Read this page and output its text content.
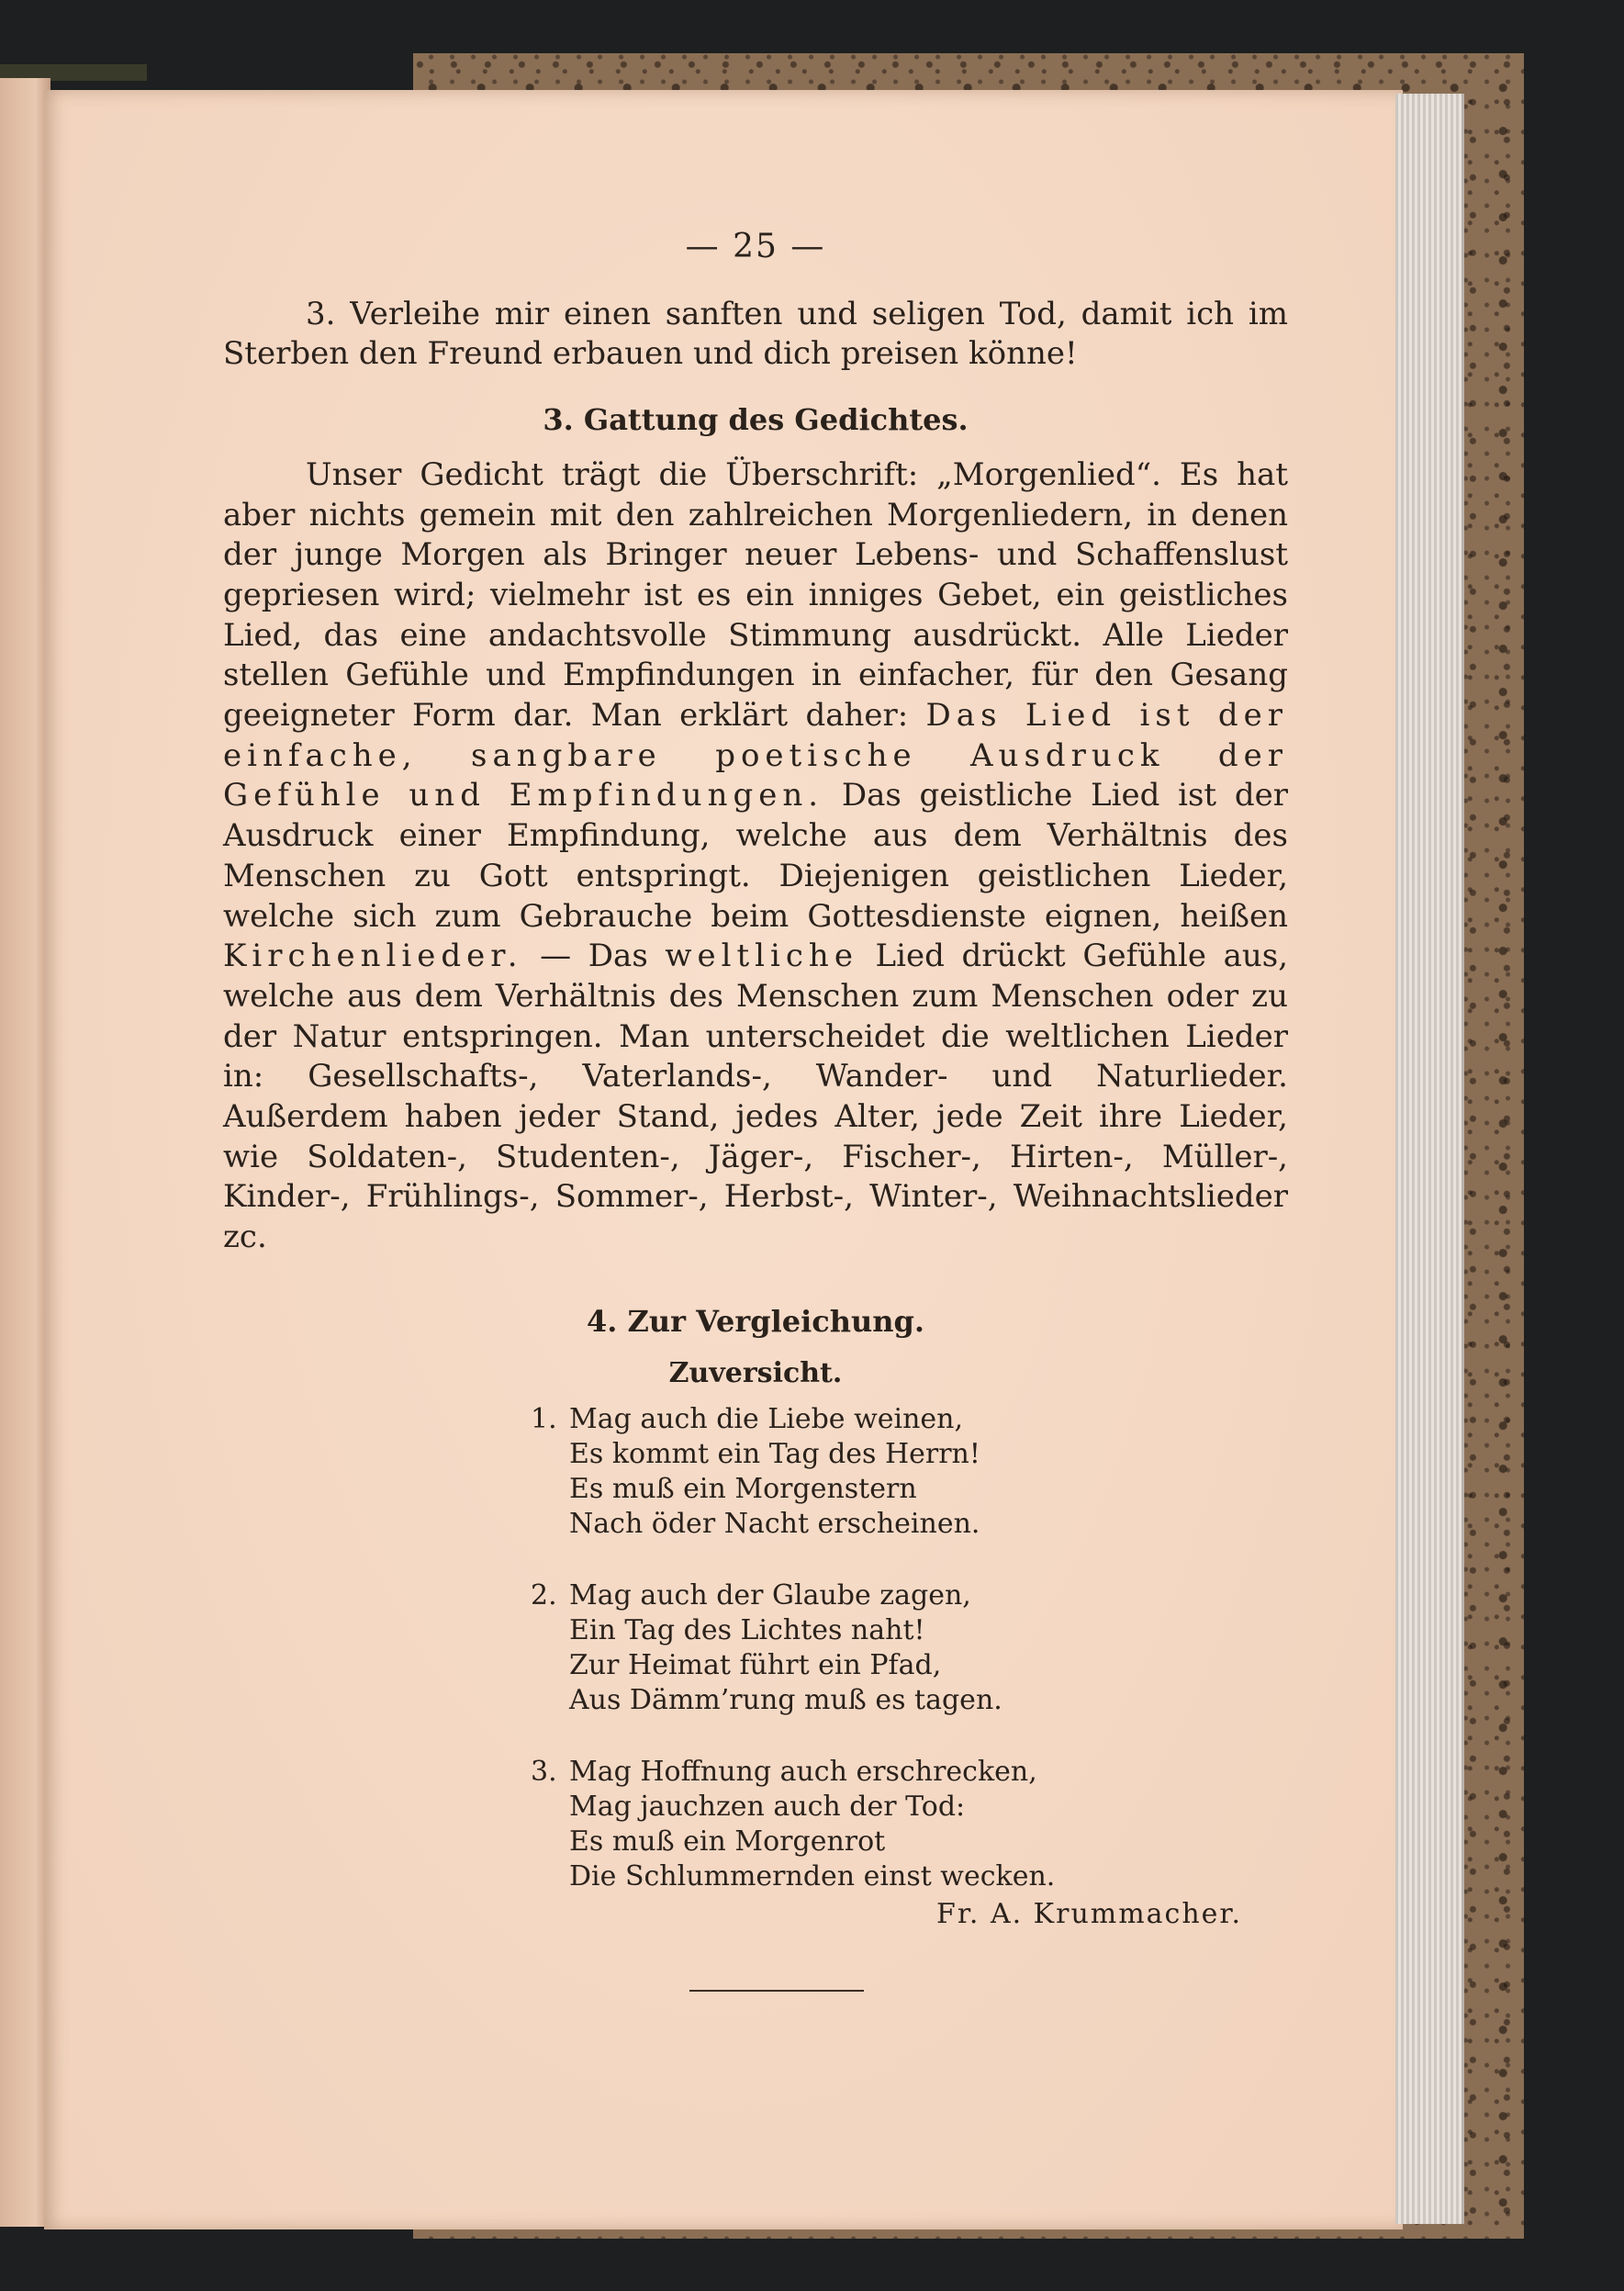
— 25 —

3. Verleihe mir einen sanften und seligen Tod, damit ich im Sterben den Freund erbauen und dich preisen könne!

3. Gattung des Gedichtes.

Unser Gedicht trägt die Überschrift: „Morgenlied“. Es hat aber nichts gemein mit den zahlreichen Morgenliedern, in denen der junge Morgen als Bringer neuer Lebens- und Schaffenslust gepriesen wird; vielmehr ist es ein inniges Gebet, ein geistliches Lied, das eine andachtsvolle Stimmung ausdrückt. Alle Lieder stellen Gefühle und Empfindungen in einfacher, für den Gesang geeigneter Form dar. Man erklärt daher: Das Lied ist der einfache, sangbare poetische Ausdruck der Gefühle und Empfindungen. Das geistliche Lied ist der Ausdruck einer Empfindung, welche aus dem Verhältnis des Menschen zu Gott entspringt. Diejenigen geistlichen Lieder, welche sich zum Gebrauche beim Gottesdienste eignen, heißen Kirchenlieder. — Das weltliche Lied drückt Gefühle aus, welche aus dem Verhältnis des Menschen zum Menschen oder zu der Natur entspringen. Man unterscheidet die weltlichen Lieder in: Gesellschafts-, Vaterlands-, Wander- und Naturlieder. Außerdem haben jeder Stand, jedes Alter, jede Zeit ihre Lieder, wie Soldaten-, Studenten-, Jäger-, Fischer-, Hirten-, Müller-, Kinder-, Frühlings-, Sommer-, Herbst-, Winter-, Weihnachtslieder zc.

4. Zur Vergleichung.
Zuversicht.
1. Mag auch die Liebe weinen,
Es kommt ein Tag des Herrn!
Es muß ein Morgenstern
Nach öder Nacht erscheinen.
2. Mag auch der Glaube zagen,
Ein Tag des Lichtes naht!
Zur Heimat führt ein Pfad,
Aus Dämm’rung muß es tagen.
3. Mag Hoffnung auch erschrecken,
Mag jauchzen auch der Tod:
Es muß ein Morgenrot
Die Schlummernden einst wecken.
Fr. A. Krummacher.
